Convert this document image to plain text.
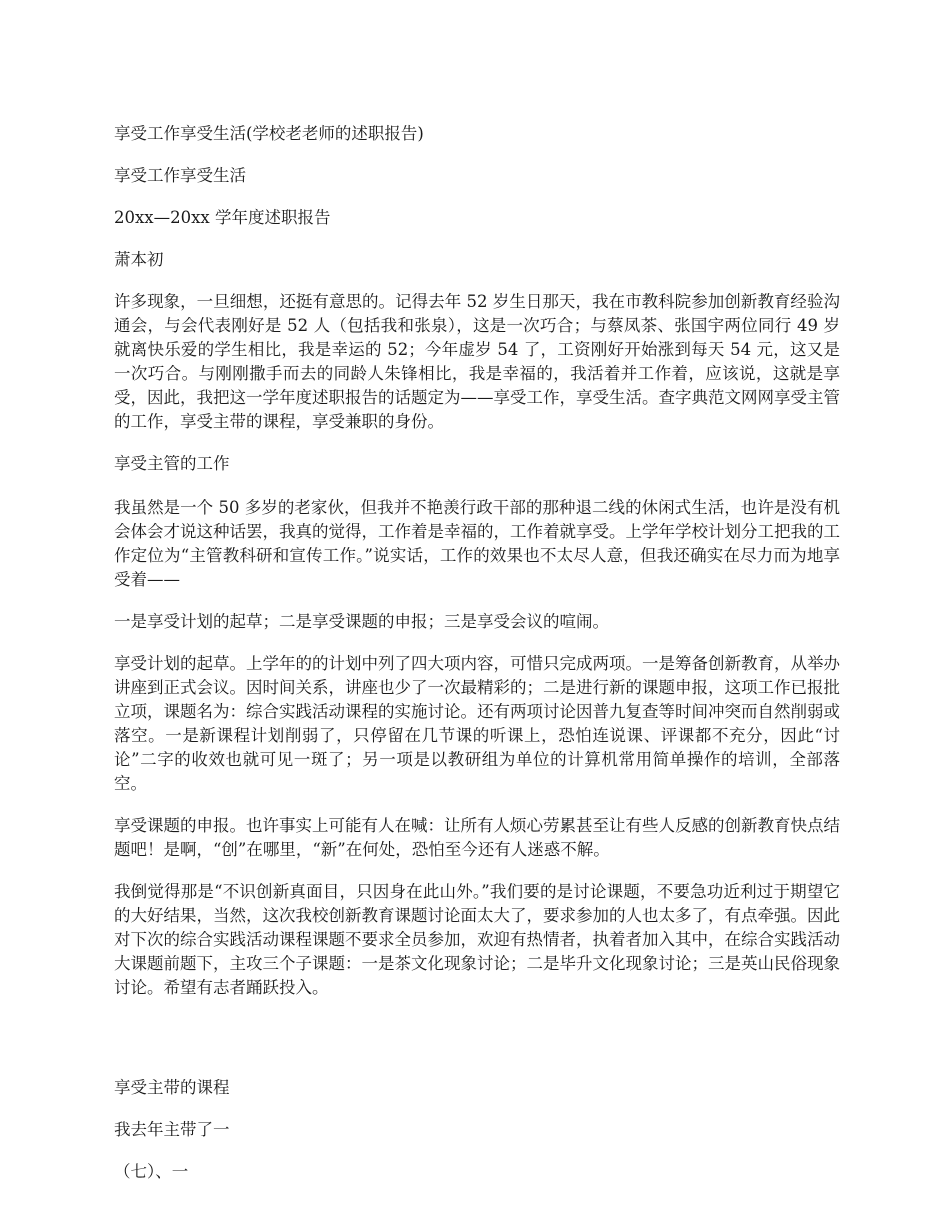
享受工作享受生活(学校老老师的述职报告)

享受工作享受生活

20xx—20xx 学年度述职报告

萧本初

许多现象，一旦细想，还挺有意思的。记得去年 52 岁生日那天，我在市教科院参加创新教育经验沟通会，与会代表刚好是 52 人（包括我和张泉），这是一次巧合；与蔡凤茶、张国宇两位同行 49 岁就离快乐爱的学生相比，我是幸运的 52；今年虚岁 54 了，工资刚好开始涨到每天 54 元，这又是一次巧合。与刚刚撒手而去的同龄人朱锋相比，我是幸福的，我活着并工作着，应该说，这就是享受，因此，我把这一学年度述职报告的话题定为——享受工作，享受生活。查字典范文网网享受主管的工作，享受主带的课程，享受兼职的身份。

享受主管的工作

我虽然是一个 50 多岁的老家伙，但我并不艳羡行政干部的那种退二线的休闲式生活，也许是没有机会体会才说这种话罢，我真的觉得，工作着是幸福的，工作着就享受。上学年学校计划分工把我的工作定位为“主管教科研和宣传工作。”说实话，工作的效果也不太尽人意，但我还确实在尽力而为地享受着——

一是享受计划的起草；二是享受课题的申报；三是享受会议的喧闹。

享受计划的起草。上学年的的计划中列了四大项内容，可惜只完成两项。一是筹备创新教育，从举办讲座到正式会议。因时间关系，讲座也少了一次最精彩的；二是进行新的课题申报，这项工作已报批立项，课题名为：综合实践活动课程的实施讨论。还有两项讨论因普九复查等时间冲突而自然削弱或落空。一是新课程计划削弱了，只停留在几节课的听课上，恐怕连说课、评课都不充分，因此“讨论”二字的收效也就可见一斑了；另一项是以教研组为单位的计算机常用简单操作的培训，全部落空。

享受课题的申报。也许事实上可能有人在喊：让所有人烦心劳累甚至让有些人反感的创新教育快点结题吧！是啊，“创”在哪里，“新”在何处，恐怕至今还有人迷惑不解。

我倒觉得那是“不识创新真面目，只因身在此山外。”我们要的是讨论课题，不要急功近利过于期望它的大好结果，当然，这次我校创新教育课题讨论面太大了，要求参加的人也太多了，有点牵强。因此对下次的综合实践活动课程课题不要求全员参加，欢迎有热情者，执着者加入其中，在综合实践活动大课题前题下，主攻三个子课题：一是茶文化现象讨论；二是毕升文化现象讨论；三是英山民俗现象讨论。希望有志者踊跃投入。

享受主带的课程

我去年主带了一

（七）、一
